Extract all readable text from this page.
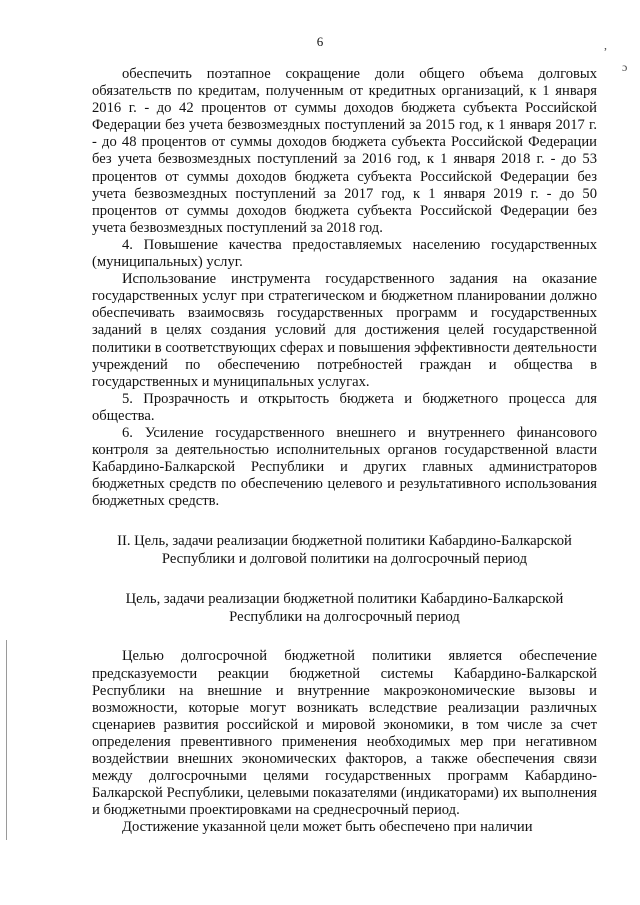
6	,
ɔ

обеспечить поэтапное сокращение доли общего объема долговых обязательств по кредитам, полученным от кредитных организаций, к 1 января 2016 г. - до 42 процентов от суммы доходов бюджета субъекта Российской Федерации без учета безвозмездных поступлений за 2015 год, к 1 января 2017 г. - до 48 процентов от суммы доходов бюджета субъекта Российской Федерации без учета безвозмездных поступлений за 2016 год, к 1 января 2018 г. - до 53 процентов от суммы доходов бюджета субъекта Российской Федерации без учета безвозмездных поступлений за 2017 год, к 1 января 2019 г. - до 50 процентов от суммы доходов бюджета субъекта Российской Федерации без учета безвозмездных поступлений за 2018 год.

4. Повышение качества предоставляемых населению государственных (муниципальных) услуг.

Использование инструмента государственного задания на оказание государственных услуг при стратегическом и бюджетном планировании должно обеспечивать взаимосвязь государственных программ и государственных заданий в целях создания условий для достижения целей государственной политики в соответствующих сферах и повышения эффективности деятельности учреждений по обеспечению потребностей граждан и общества в государственных и муниципальных услугах.

5. Прозрачность и открытость бюджета и бюджетного процесса для общества.

6. Усиление государственного внешнего и внутреннего финансового контроля за деятельностью исполнительных органов государственной власти Кабардино-Балкарской Республики и других главных администраторов бюджетных средств по обеспечению целевого и результативного использования бюджетных средств.

II. Цель, задачи реализации бюджетной политики Кабардино-Балкарской
Республики и долговой политики на долгосрочный период
Цель, задачи реализации бюджетной политики Кабардино-Балкарской
Республики на долгосрочный период

Целью долгосрочной бюджетной политики является обеспечение предсказуемости реакции бюджетной системы Кабардино-Балкарской Республики на внешние и внутренние макроэкономические вызовы и возможности, которые могут возникать вследствие реализации различных сценариев развития российской и мировой экономики, в том числе за счет определения превентивного применения необходимых мер при негативном воздействии внешних экономических факторов, а также обеспечения связи между долгосрочными целями государственных программ Кабардино-Балкарской Республики, целевыми показателями (индикаторами) их выполнения и бюджетными проектировками на среднесрочный период.

Достижение указанной цели может быть обеспечено при наличии
